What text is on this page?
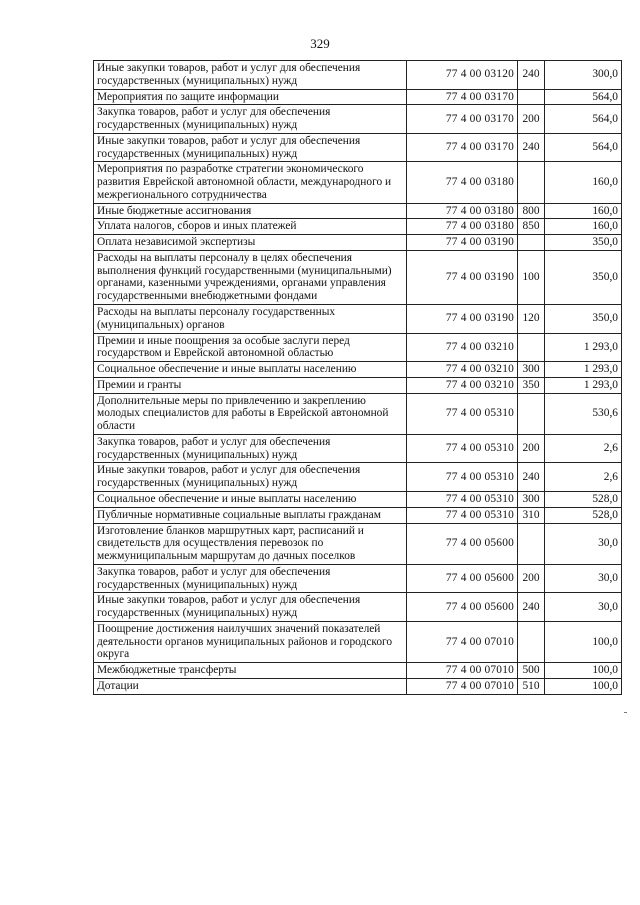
329
Иные закупки товаров, работ и услуг для обеспечения государственных (муниципальных) нужд	77 4 00 03120	240	300,0
Мероприятия по защите информации	77 4 00 03170		564,0
Закупка товаров, работ и услуг для обеспечения государственных (муниципальных) нужд	77 4 00 03170	200	564,0
Иные закупки товаров, работ и услуг для обеспечения государственных (муниципальных) нужд	77 4 00 03170	240	564,0
Мероприятия по разработке стратегии экономического развития Еврейской автономной области, международного и межрегионального сотрудничества	77 4 00 03180		160,0
Иные бюджетные ассигнования	77 4 00 03180	800	160,0
Уплата налогов, сборов и иных платежей	77 4 00 03180	850	160,0
Оплата независимой экспертизы	77 4 00 03190		350,0
Расходы на выплаты персоналу в целях обеспечения выполнения функций государственными (муниципальными) органами, казенными учреждениями, органами управления государственными внебюджетными фондами	77 4 00 03190	100	350,0
Расходы на выплаты персоналу государственных (муниципальных) органов	77 4 00 03190	120	350,0
Премии и иные поощрения за особые заслуги перед государством и Еврейской автономной областью	77 4 00 03210		1 293,0
Социальное обеспечение и иные выплаты населению	77 4 00 03210	300	1 293,0
Премии и гранты	77 4 00 03210	350	1 293,0
Дополнительные меры по привлечению и закреплению молодых специалистов для работы в Еврейской автономной области	77 4 00 05310		530,6
Закупка товаров, работ и услуг для обеспечения государственных (муниципальных) нужд	77 4 00 05310	200	2,6
Иные закупки товаров, работ и услуг для обеспечения государственных (муниципальных) нужд	77 4 00 05310	240	2,6
Социальное обеспечение и иные выплаты населению	77 4 00 05310	300	528,0
Публичные нормативные социальные выплаты гражданам	77 4 00 05310	310	528,0
Изготовление бланков маршрутных карт, расписаний и свидетельств для осуществления перевозок по межмуниципальным маршрутам до дачных поселков	77 4 00 05600		30,0
Закупка товаров, работ и услуг для обеспечения государственных (муниципальных) нужд	77 4 00 05600	200	30,0
Иные закупки товаров, работ и услуг для обеспечения государственных (муниципальных) нужд	77 4 00 05600	240	30,0
Поощрение достижения наилучших значений показателей деятельности органов муниципальных районов и городского округа	77 4 00 07010		100,0
Межбюджетные трансферты	77 4 00 07010	500	100,0
Дотации	77 4 00 07010	510	100,0
